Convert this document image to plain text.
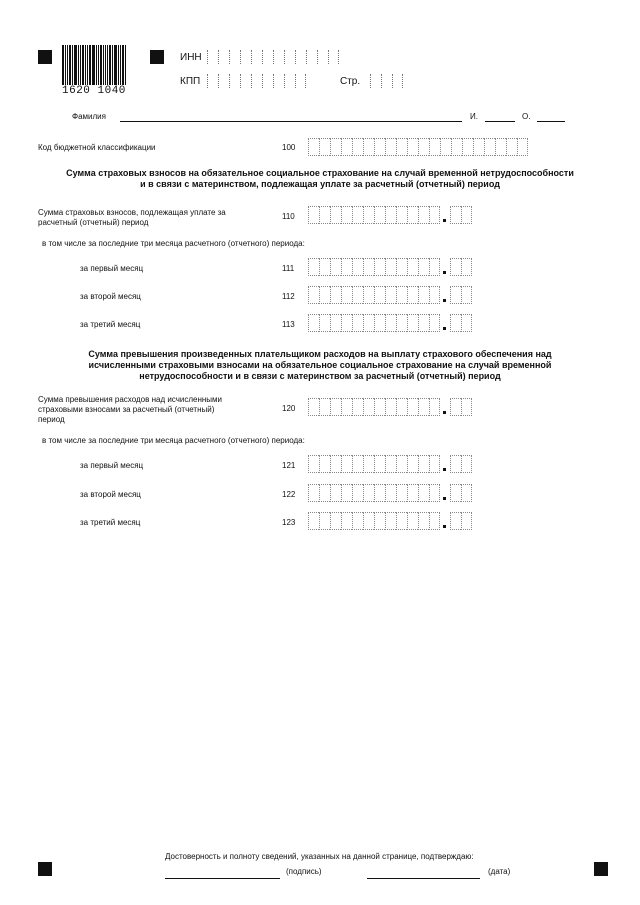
1620 1040
ИНН
КПП	Стр.
Фамилия	И.	О.
Код бюджетной классификации	100
Сумма страховых взносов на обязательное социальное страхование на случай временной нетрудоспособности
и в связи с материнством, подлежащая уплате за расчетный (отчетный) период
Сумма страховых взносов, подлежащая уплате за
расчетный (отчетный) период
110
в том числе за последние три месяца расчетного (отчетного) периода:
за первый месяц	111
за второй месяц	112
за третий месяц	113
Сумма превышения произведенных плательщиком расходов на выплату страхового обеспечения над
исчисленными страховыми взносами на обязательное социальное страхование на случай временной
нетрудоспособности и в связи с материнством за расчетный (отчетный) период
Сумма превышения расходов над исчисленными
страховыми взносами за расчетный (отчетный)
период
120
в том числе за последние три месяца расчетного (отчетного) периода:
за первый месяц	121
за второй месяц	122
за третий месяц	123
Достоверность и полноту сведений, указанных на данной странице, подтверждаю:
(подпись)	(дата)
